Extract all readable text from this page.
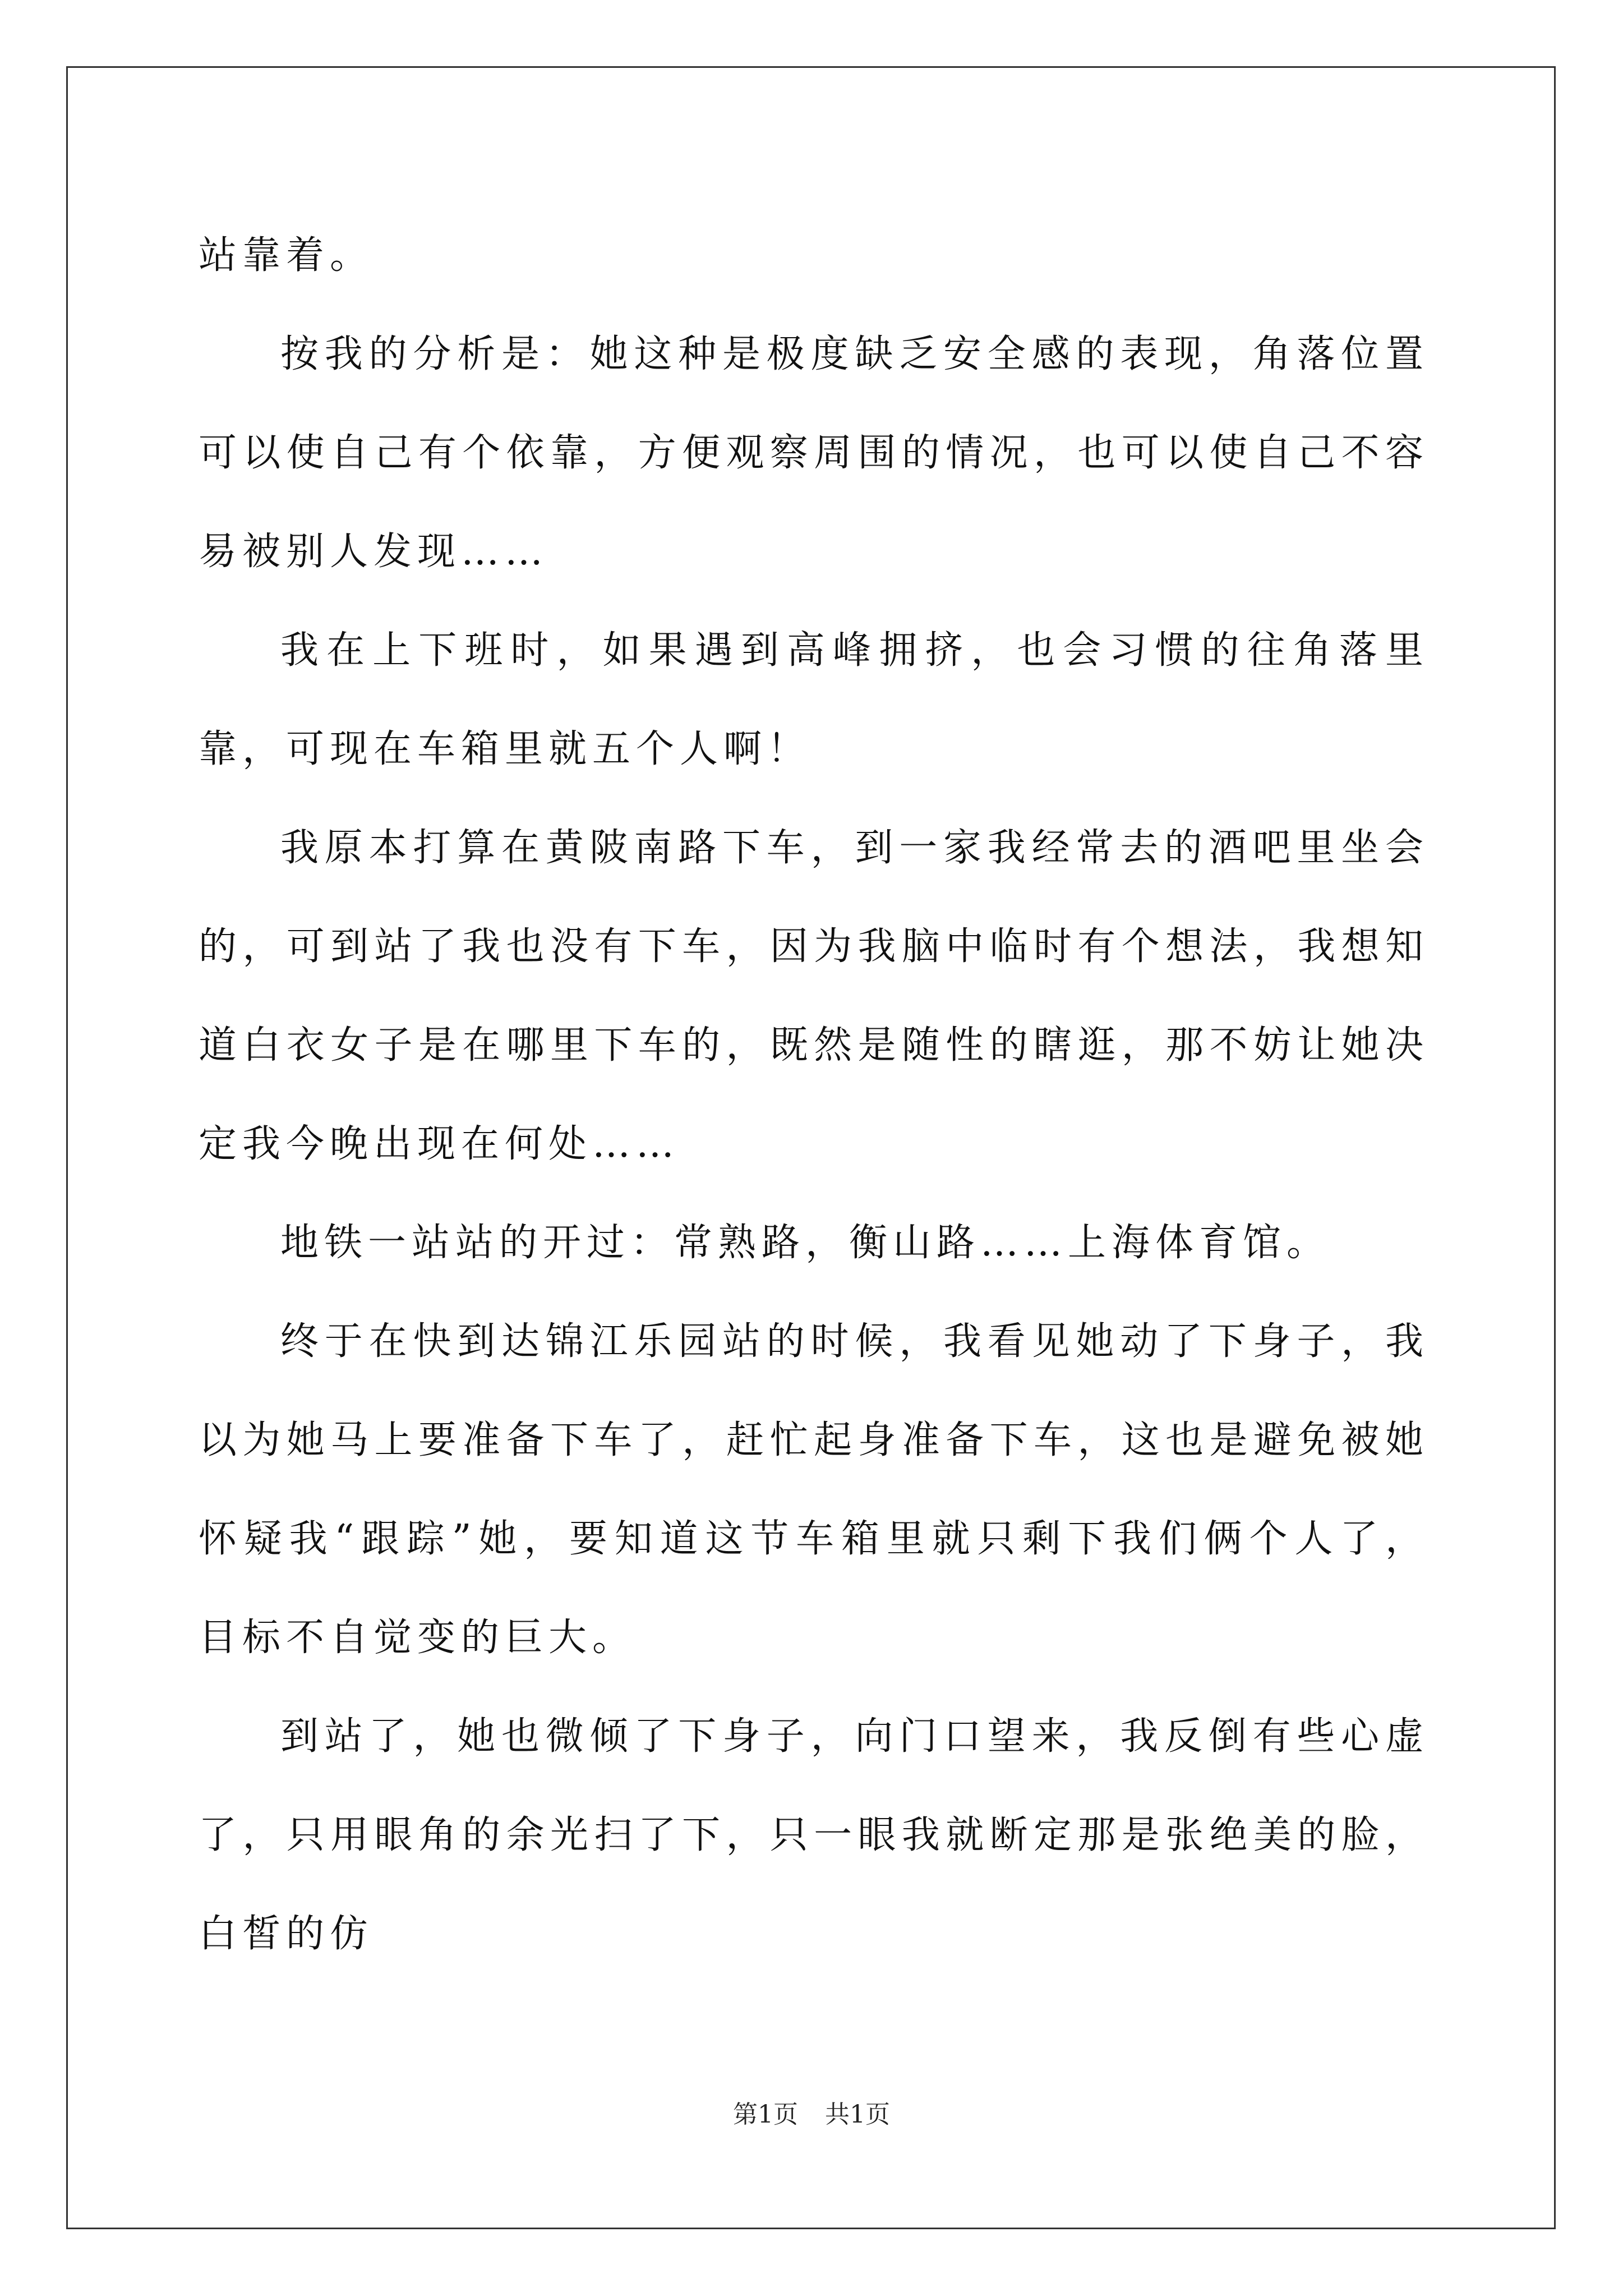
站靠着。

按我的分析是：她这种是极度缺乏安全感的表现，角落位置可以使自己有个依靠，方便观察周围的情况，也可以使自己不容易被别人发现……

我在上下班时，如果遇到高峰拥挤，也会习惯的往角落里靠，可现在车箱里就五个人啊！

我原本打算在黄陂南路下车，到一家我经常去的酒吧里坐会的，可到站了我也没有下车，因为我脑中临时有个想法，我想知道白衣女子是在哪里下车的，既然是随性的瞎逛，那不妨让她决定我今晚出现在何处……

地铁一站站的开过：常熟路，衡山路……上海体育馆。

终于在快到达锦江乐园站的时候，我看见她动了下身子，我以为她马上要准备下车了，赶忙起身准备下车，这也是避免被她怀疑我“跟踪”她，要知道这节车箱里就只剩下我们俩个人了，目标不自觉变的巨大。

到站了，她也微倾了下身子，向门口望来，我反倒有些心虚了，只用眼角的余光扫了下，只一眼我就断定那是张绝美的脸，白皙的仿

第1页 共1页
